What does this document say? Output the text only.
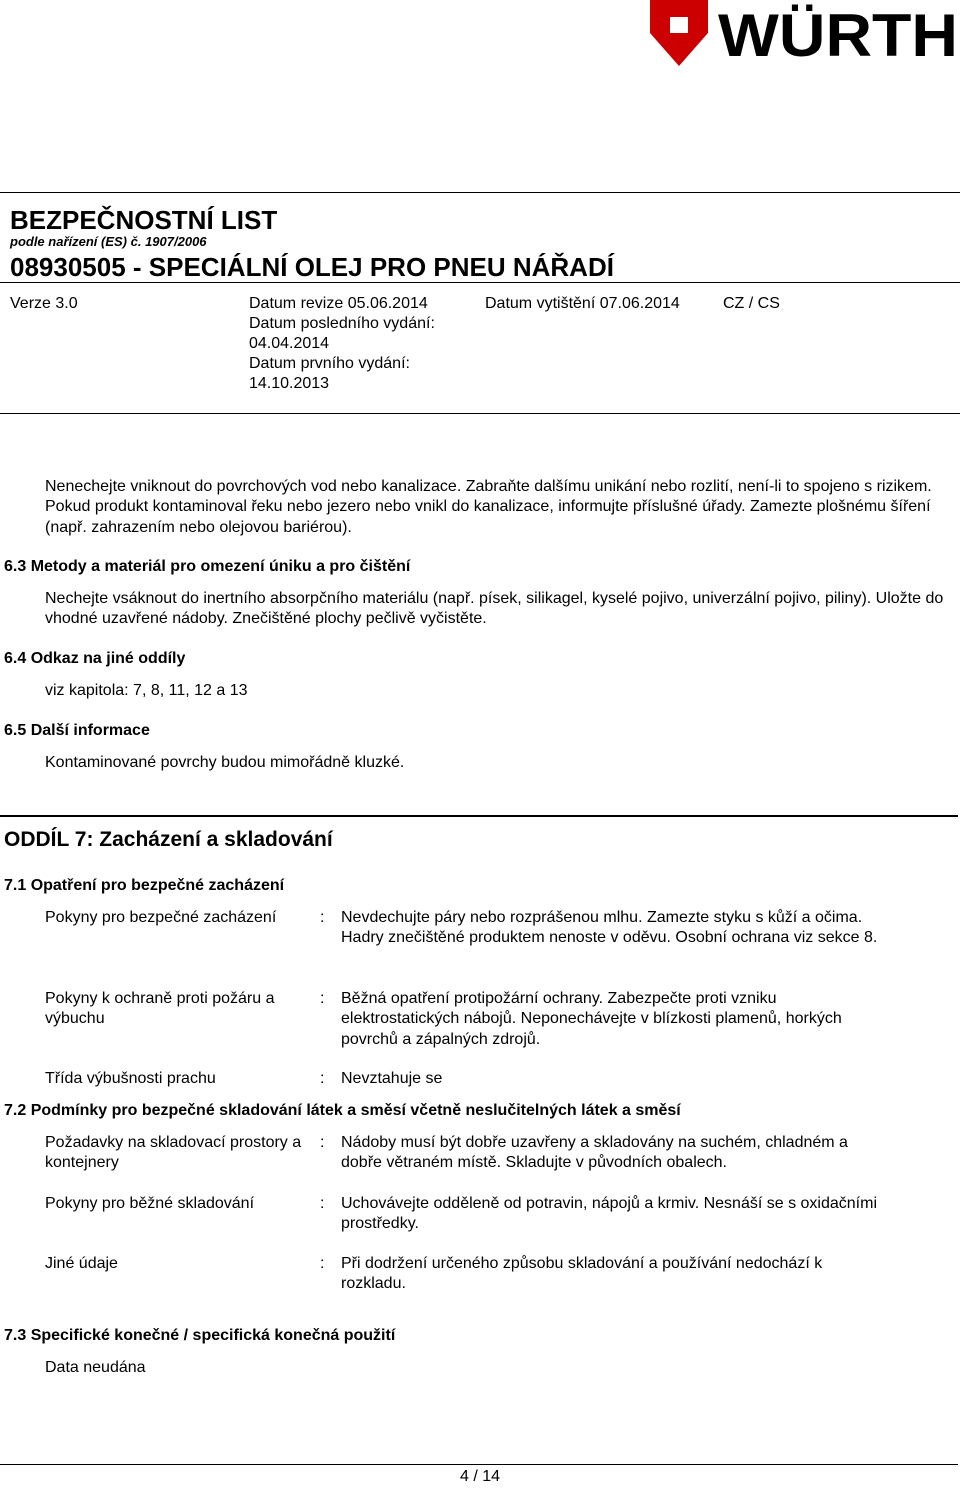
WÜRTH
BEZPEČNOSTNÍ LIST
podle nařízení (ES) č. 1907/2006
08930505 - SPECIÁLNÍ OLEJ PRO PNEU NÁŘADÍ
Verze 3.0	Datum revize 05.06.2014
Datum posledního vydání:
04.04.2014
Datum prvního vydání:
14.10.2013
Datum vytištění 07.06.2014	CZ / CS
Nenechejte vniknout do povrchových vod nebo kanalizace. Zabraňte dalšímu unikání nebo rozlití, není-li to spojeno s rizikem. Pokud produkt kontaminoval řeku nebo jezero nebo vnikl do kanalizace, informujte příslušné úřady. Zamezte plošnému šíření (např. zahrazením nebo olejovou bariérou).
6.3 Metody a materiál pro omezení úniku a pro čištění
Nechejte vsáknout do inertního absorpčního materiálu (např. písek, silikagel, kyselé pojivo, univerzální pojivo, piliny). Uložte do vhodné uzavřené nádoby. Znečištěné plochy pečlivě vyčistěte.
6.4 Odkaz na jiné oddíly
viz kapitola: 7, 8, 11, 12 a 13
6.5 Další informace
Kontaminované povrchy budou mimořádně kluzké.
ODDÍL 7: Zacházení a skladování
7.1 Opatření pro bezpečné zacházení
Pokyny pro bezpečné zacházení	: Nevdechujte páry nebo rozprášenou mlhu. Zamezte styku s kůží a očima. Hadry znečištěné produktem nenoste v oděvu. Osobní ochrana viz sekce 8.
Pokyny k ochraně proti požáru a výbuchu
: Běžná opatření protipožární ochrany. Zabezpečte proti vzniku elektrostatických nábojů. Neponechávejte v blízkosti plamenů, horkých povrchů a zápalných zdrojů.
Třída výbušnosti prachu	: Nevztahuje se
7.2 Podmínky pro bezpečné skladování látek a směsí včetně neslučitelných látek a směsí
Požadavky na skladovací prostory a kontejnery
: Nádoby musí být dobře uzavřeny a skladovány na suchém, chladném a dobře větraném místě. Skladujte v původních obalech.
Pokyny pro běžné skladování	: Uchovávejte odděleně od potravin, nápojů a krmiv. Nesnáší se s oxidačními prostředky.
Jiné údaje	: Při dodržení určeného způsobu skladování a používání nedochází k rozkladu.
7.3 Specifické konečné / specifická konečná použití
Data neudána
4 / 14
